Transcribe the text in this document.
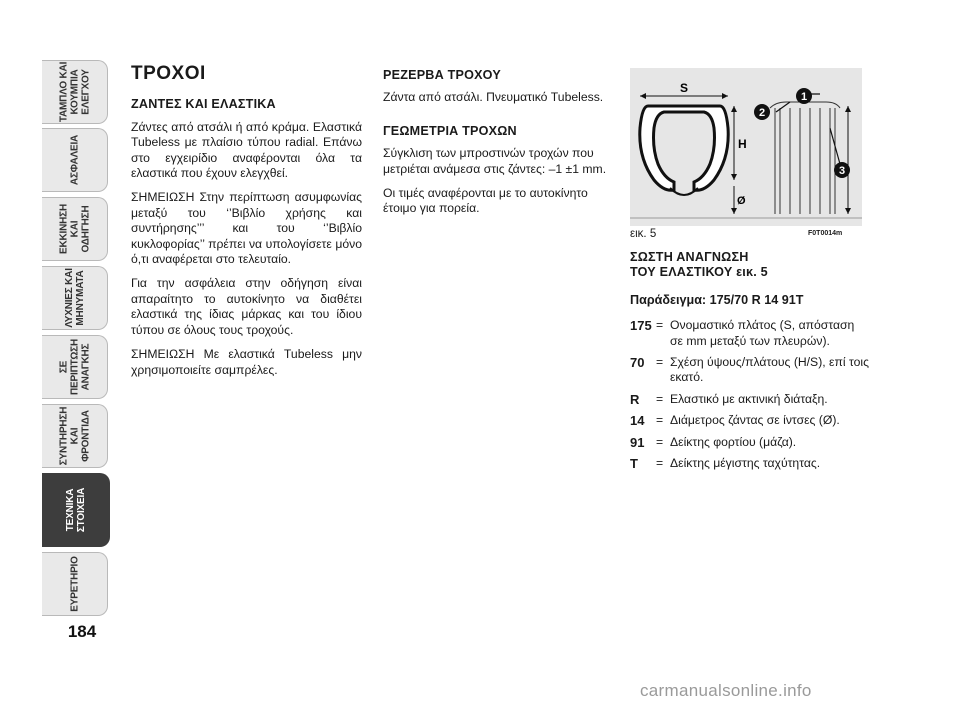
ΤΑΜΠΛΟ ΚΑΙ
ΚΟΥΜΠΙΑ
ΕΛΕΓΧΟΥ
ΑΣΦΑΛΕΙΑ
ΕΚΚΙΝΗΣΗ ΚΑΙ
ΟΔΗΓΗΣΗ
ΛΥΧΝΙΕΣ ΚΑΙ
ΜΗΝΥΜΑΤΑ
ΣΕ ΠΕΡΙΠΤΩΣΗ
ΑΝΑΓΚΗΣ
ΣΥΝΤΗΡΗΣΗ ΚΑΙ
ΦΡΟΝΤΙΔΑ
ΤΕΧΝΙΚΑ
ΣΤΟΙΧΕΙΑ
ΕΥΡΕΤΗΡΙΟ
184
ΤΡΟΧΟΙ
ΖΑΝΤΕΣ ΚΑΙ ΕΛΑΣΤΙΚΑ

Ζάντες από ατσάλι ή από κράμα. Ελαστικά Tubeless με πλαίσιο τύπου radial. Επάνω στο εγχειρίδιο αναφέρονται όλα τα ελαστικά που έχουν ελεγχθεί.

ΣΗΜΕΙΩΣΗ Στην περίπτωση ασυμφωνίας μεταξύ του ‘’Βιβλίο χρήσης και συντήρησης’’’ και του ‘’Βιβλίο κυκλοφορίας’’ πρέπει να υπολογίσετε μόνο ό,τι αναφέρεται στο τελευταίο.

Για την ασφάλεια στην οδήγηση είναι απαραίτητο το αυτοκίνητο να διαθέτει ελαστικά της ίδιας μάρκας και του ίδιου τύπου σε όλους τους τροχούς.

ΣΗΜΕΙΩΣΗ Με ελαστικά Tubeless μην χρησιμοποιείτε σαμπρέλες.

ΡΕΖΕΡΒΑ ΤΡΟΧΟΥ

Ζάντα από ατσάλι. Πνευματικό Tubeless.

ΓΕΩΜΕΤΡΙΑ ΤΡΟΧΩΝ

Σύγκλιση των μπροστινών τροχών που μετριέται ανάμεσα στις ζάντες: –1 ±1 mm.

Οι τιμές αναφέρονται με το αυτοκίνητο έτοιμο για πορεία.

S
H
Ø
1
2
3
εικ. 5	F0T0014m
ΣΩΣΤΗ ΑΝΑΓΝΩΣΗ
ΤΟΥ ΕΛΑΣΤΙΚΟΥ εικ. 5
Παράδειγμα: 175/70 R 14 91T
175 = Ονομαστικό πλάτος (S, απόσταση σε mm μεταξύ των πλευρών).
70 = Σχέση ύψους/πλάτους (H/S), επί τοις εκατό.
R	= Ελαστικό με ακτινική διάταξη.
14 = Διάμετρος ζάντας σε ίντσες (Ø).
91 = Δείκτης φορτίου (μάζα).
T	= Δείκτης μέγιστης ταχύτητας.
carmanualsonline.info
